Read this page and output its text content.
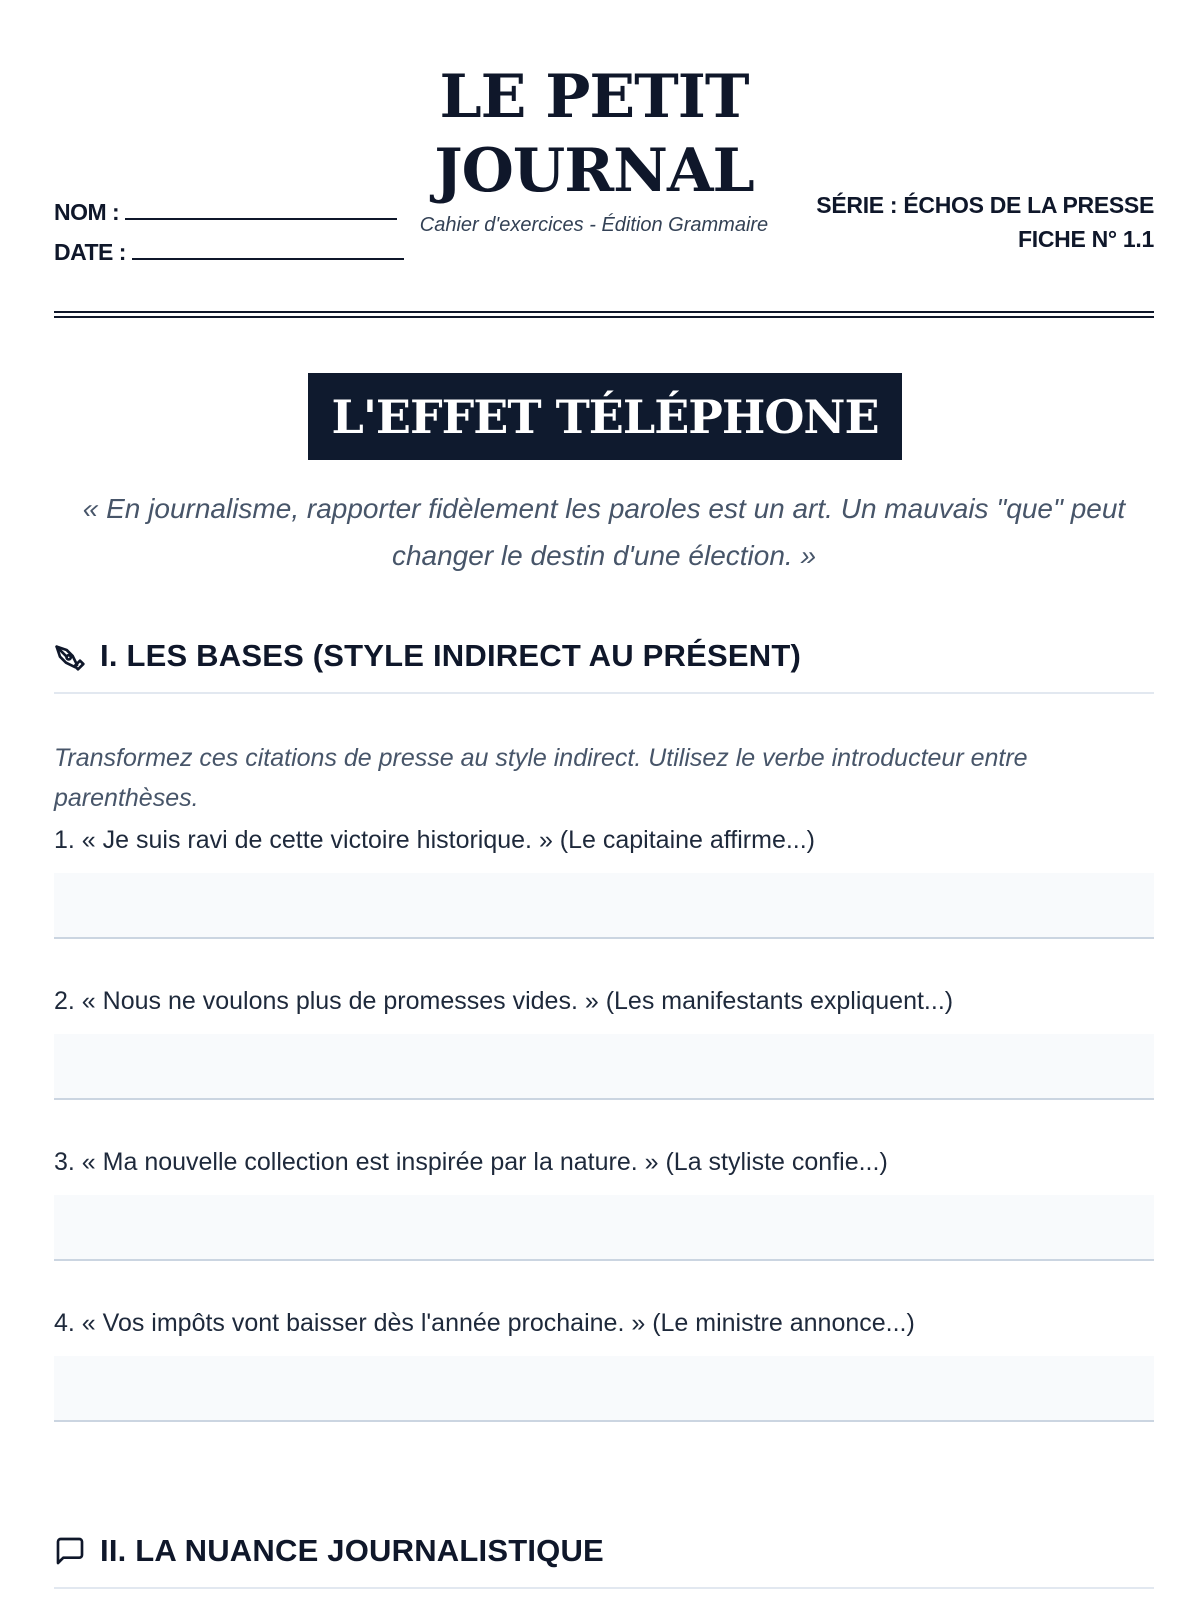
NOM :
DATE :
LE PETIT JOURNAL
Cahier d'exercices - Édition Grammaire
SÉRIE : ÉCHOS DE LA PRESSE
FICHE N° 1.1
L'EFFET TÉLÉPHONE
« En journalisme, rapporter fidèlement les paroles est un art. Un mauvais "que" peut changer le destin d'une élection. »
I. LES BASES (STYLE INDIRECT AU PRÉSENT)
Transformez ces citations de presse au style indirect. Utilisez le verbe introducteur entre parenthèses.
1. « Je suis ravi de cette victoire historique. » (Le capitaine affirme...)
2. « Nous ne voulons plus de promesses vides. » (Les manifestants expliquent...)
3. « Ma nouvelle collection est inspirée par la nature. » (La styliste confie...)
4. « Vos impôts vont baisser dès l'année prochaine. » (Le ministre annonce...)
II. LA NUANCE JOURNALISTIQUE
